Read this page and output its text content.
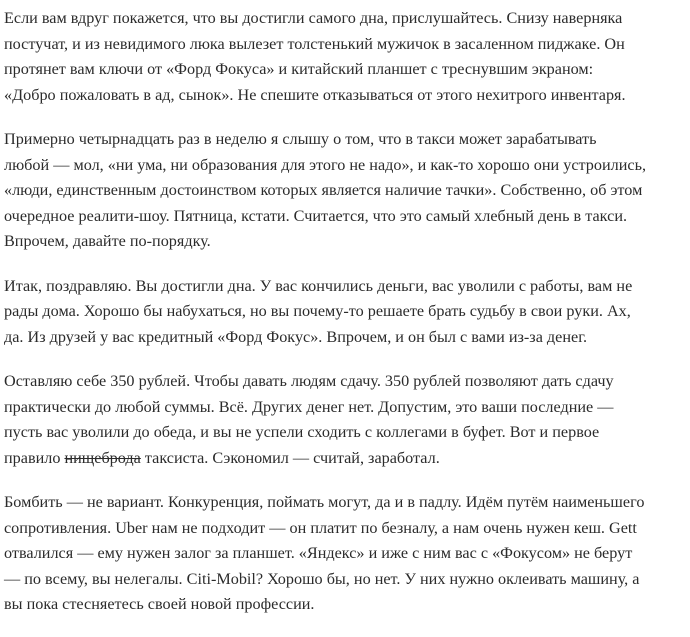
Если вам вдруг покажется, что вы достигли самого дна, прислушайтесь. Снизу наверняка
постучат, и из невидимого люка вылезет толстенький мужичок в засаленном пиджаке. Он
протянет вам ключи от «Форд Фокуса» и китайский планшет с треснувшим экраном:
«Добро пожаловать в ад, сынок». Не спешите отказываться от этого нехитрого инвентаря.

Примерно четырнадцать раз в неделю я слышу о том, что в такси может зарабатывать
любой — мол, «ни ума, ни образования для этого не надо», и как-то хорошо они устроились,
«люди, единственным достоинством которых является наличие тачки». Собственно, об этом
очередное реалити-шоу. Пятница, кстати. Считается, что это самый хлебный день в такси.
Впрочем, давайте по-порядку.

Итак, поздравляю. Вы достигли дна. У вас кончились деньги, вас уволили с работы, вам не
рады дома. Хорошо бы набухаться, но вы почему-то решаете брать судьбу в свои руки. Ах,
да. Из друзей у вас кредитный «Форд Фокус». Впрочем, и он был с вами из-за денег.

Оставляю себе 350 рублей. Чтобы давать людям сдачу. 350 рублей позволяют дать сдачу
практически до любой суммы. Всё. Других денег нет. Допустим, это ваши последние —
пусть вас уволили до обеда, и вы не успели сходить с коллегами в буфет. Вот и первое
правило нищеброда таксиста. Сэкономил — считай, заработал.

Бомбить — не вариант. Конкуренция, поймать могут, да и в падлу. Идём путём наименьшего
сопротивления. Uber нам не подходит — он платит по безналу, а нам очень нужен кеш. Gett
отвалился — ему нужен залог за планшет. «Яндекс» и иже с ним вас с «Фокусом» не берут
— по всему, вы нелегалы. Citi-Mobil? Хорошо бы, но нет. У них нужно оклеивать машину, а
вы пока стесняетесь своей новой профессии.
